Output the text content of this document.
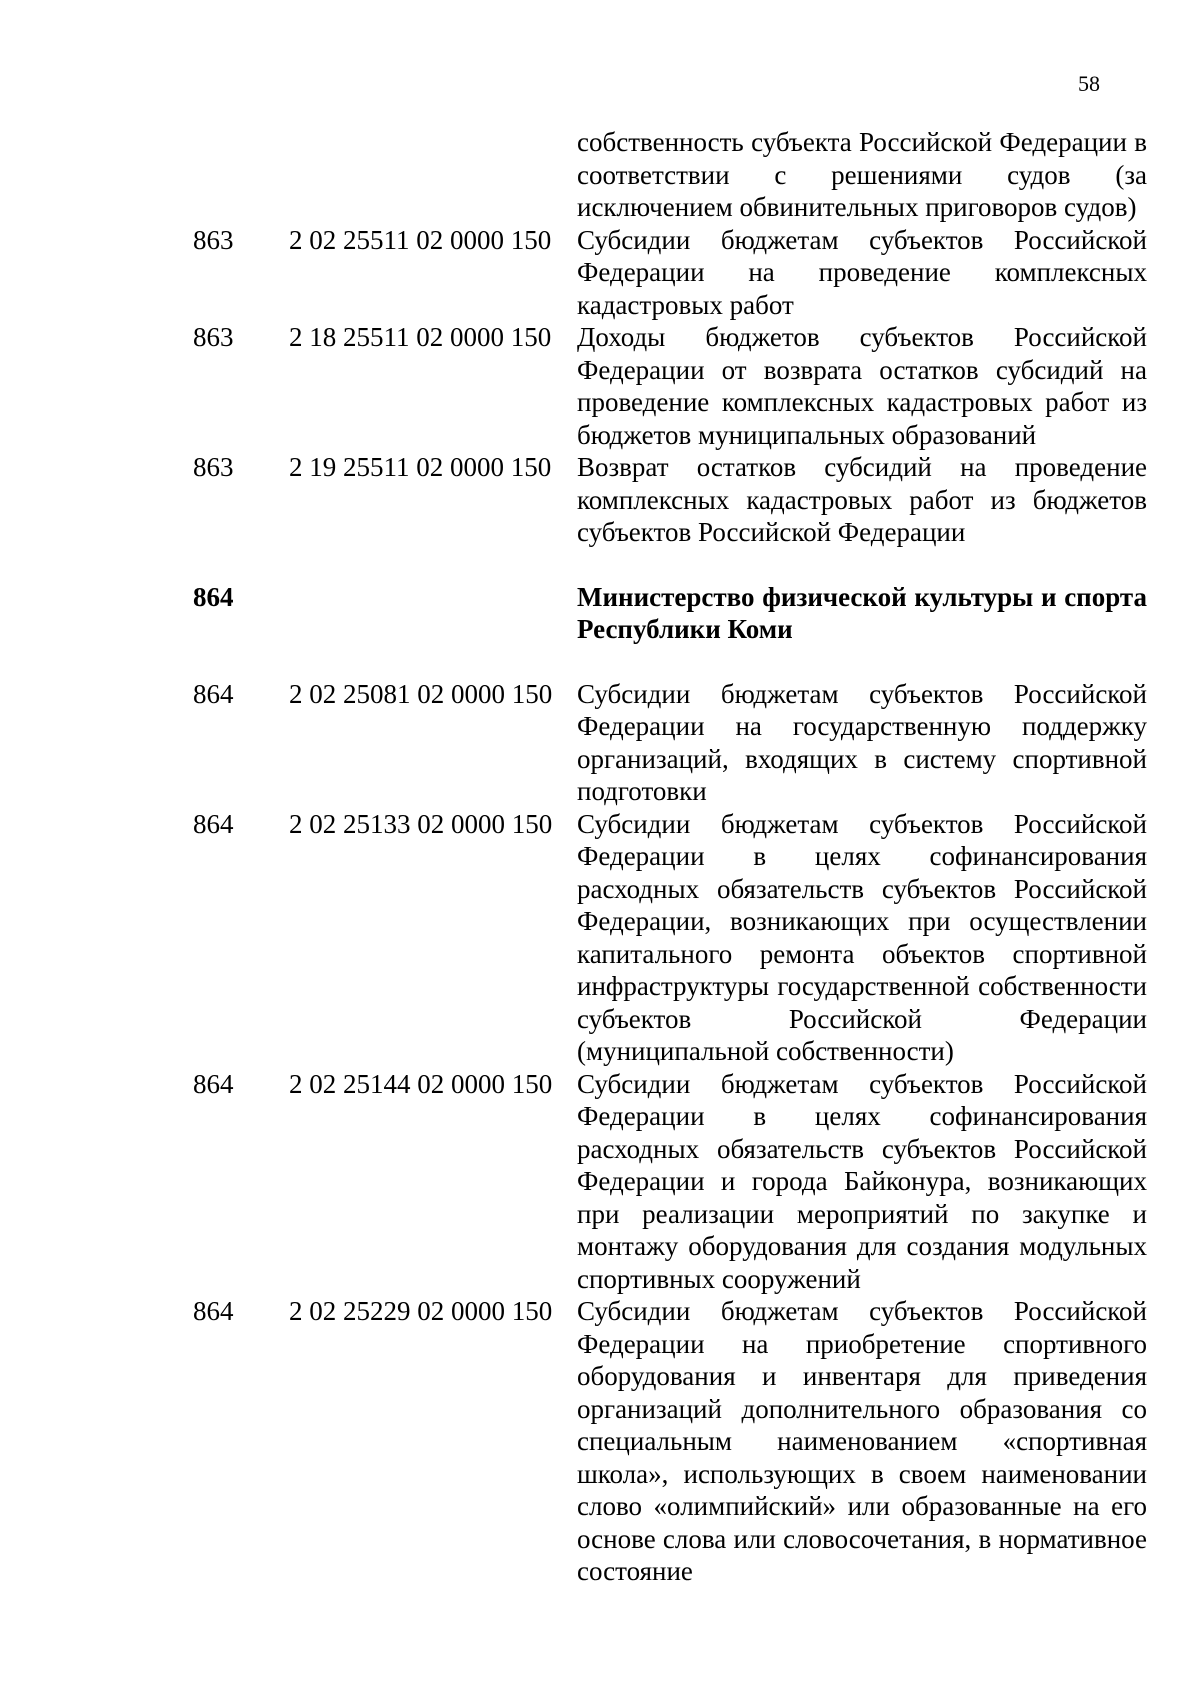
58
собственность субъекта Российской Федерации в соответствии с решениями судов (за исключением обвинительных приговоров судов)
863	2 02 25511 02 0000 150 Субсидии бюджетам субъектов Российской Федерации на проведение комплексных кадастровых работ
863	2 18 25511 02 0000 150 Доходы бюджетов субъектов Российской Федерации от возврата остатков субсидий на проведение комплексных кадастровых работ из бюджетов муниципальных образований
863	2 19 25511 02 0000 150 Возврат остатков субсидий на проведение комплексных кадастровых работ из бюджетов субъектов Российской Федерации
864	Министерство физической культуры и спорта Республики Коми
864	2 02 25081 02 0000 150 Субсидии бюджетам субъектов Российской Федерации на государственную поддержку организаций, входящих в систему спортивной подготовки
864	2 02 25133 02 0000 150 Субсидии бюджетам субъектов Российской Федерации в целях софинансирования расходных обязательств субъектов Российской Федерации, возникающих при осуществлении капитального ремонта объектов спортивной инфраструктуры государственной собственности субъектов Российской Федерации (муниципальной собственности)
864	2 02 25144 02 0000 150 Субсидии бюджетам субъектов Российской Федерации в целях софинансирования расходных обязательств субъектов Российской Федерации и города Байконура, возникающих при реализации мероприятий по закупке и монтажу оборудования для создания модульных спортивных сооружений
864	2 02 25229 02 0000 150 Субсидии бюджетам субъектов Российской Федерации на приобретение спортивного оборудования и инвентаря для приведения организаций дополнительного образования со специальным наименованием «спортивная школа», использующих в своем наименовании слово «олимпийский» или образованные на его основе слова или словосочетания, в нормативное состояние
